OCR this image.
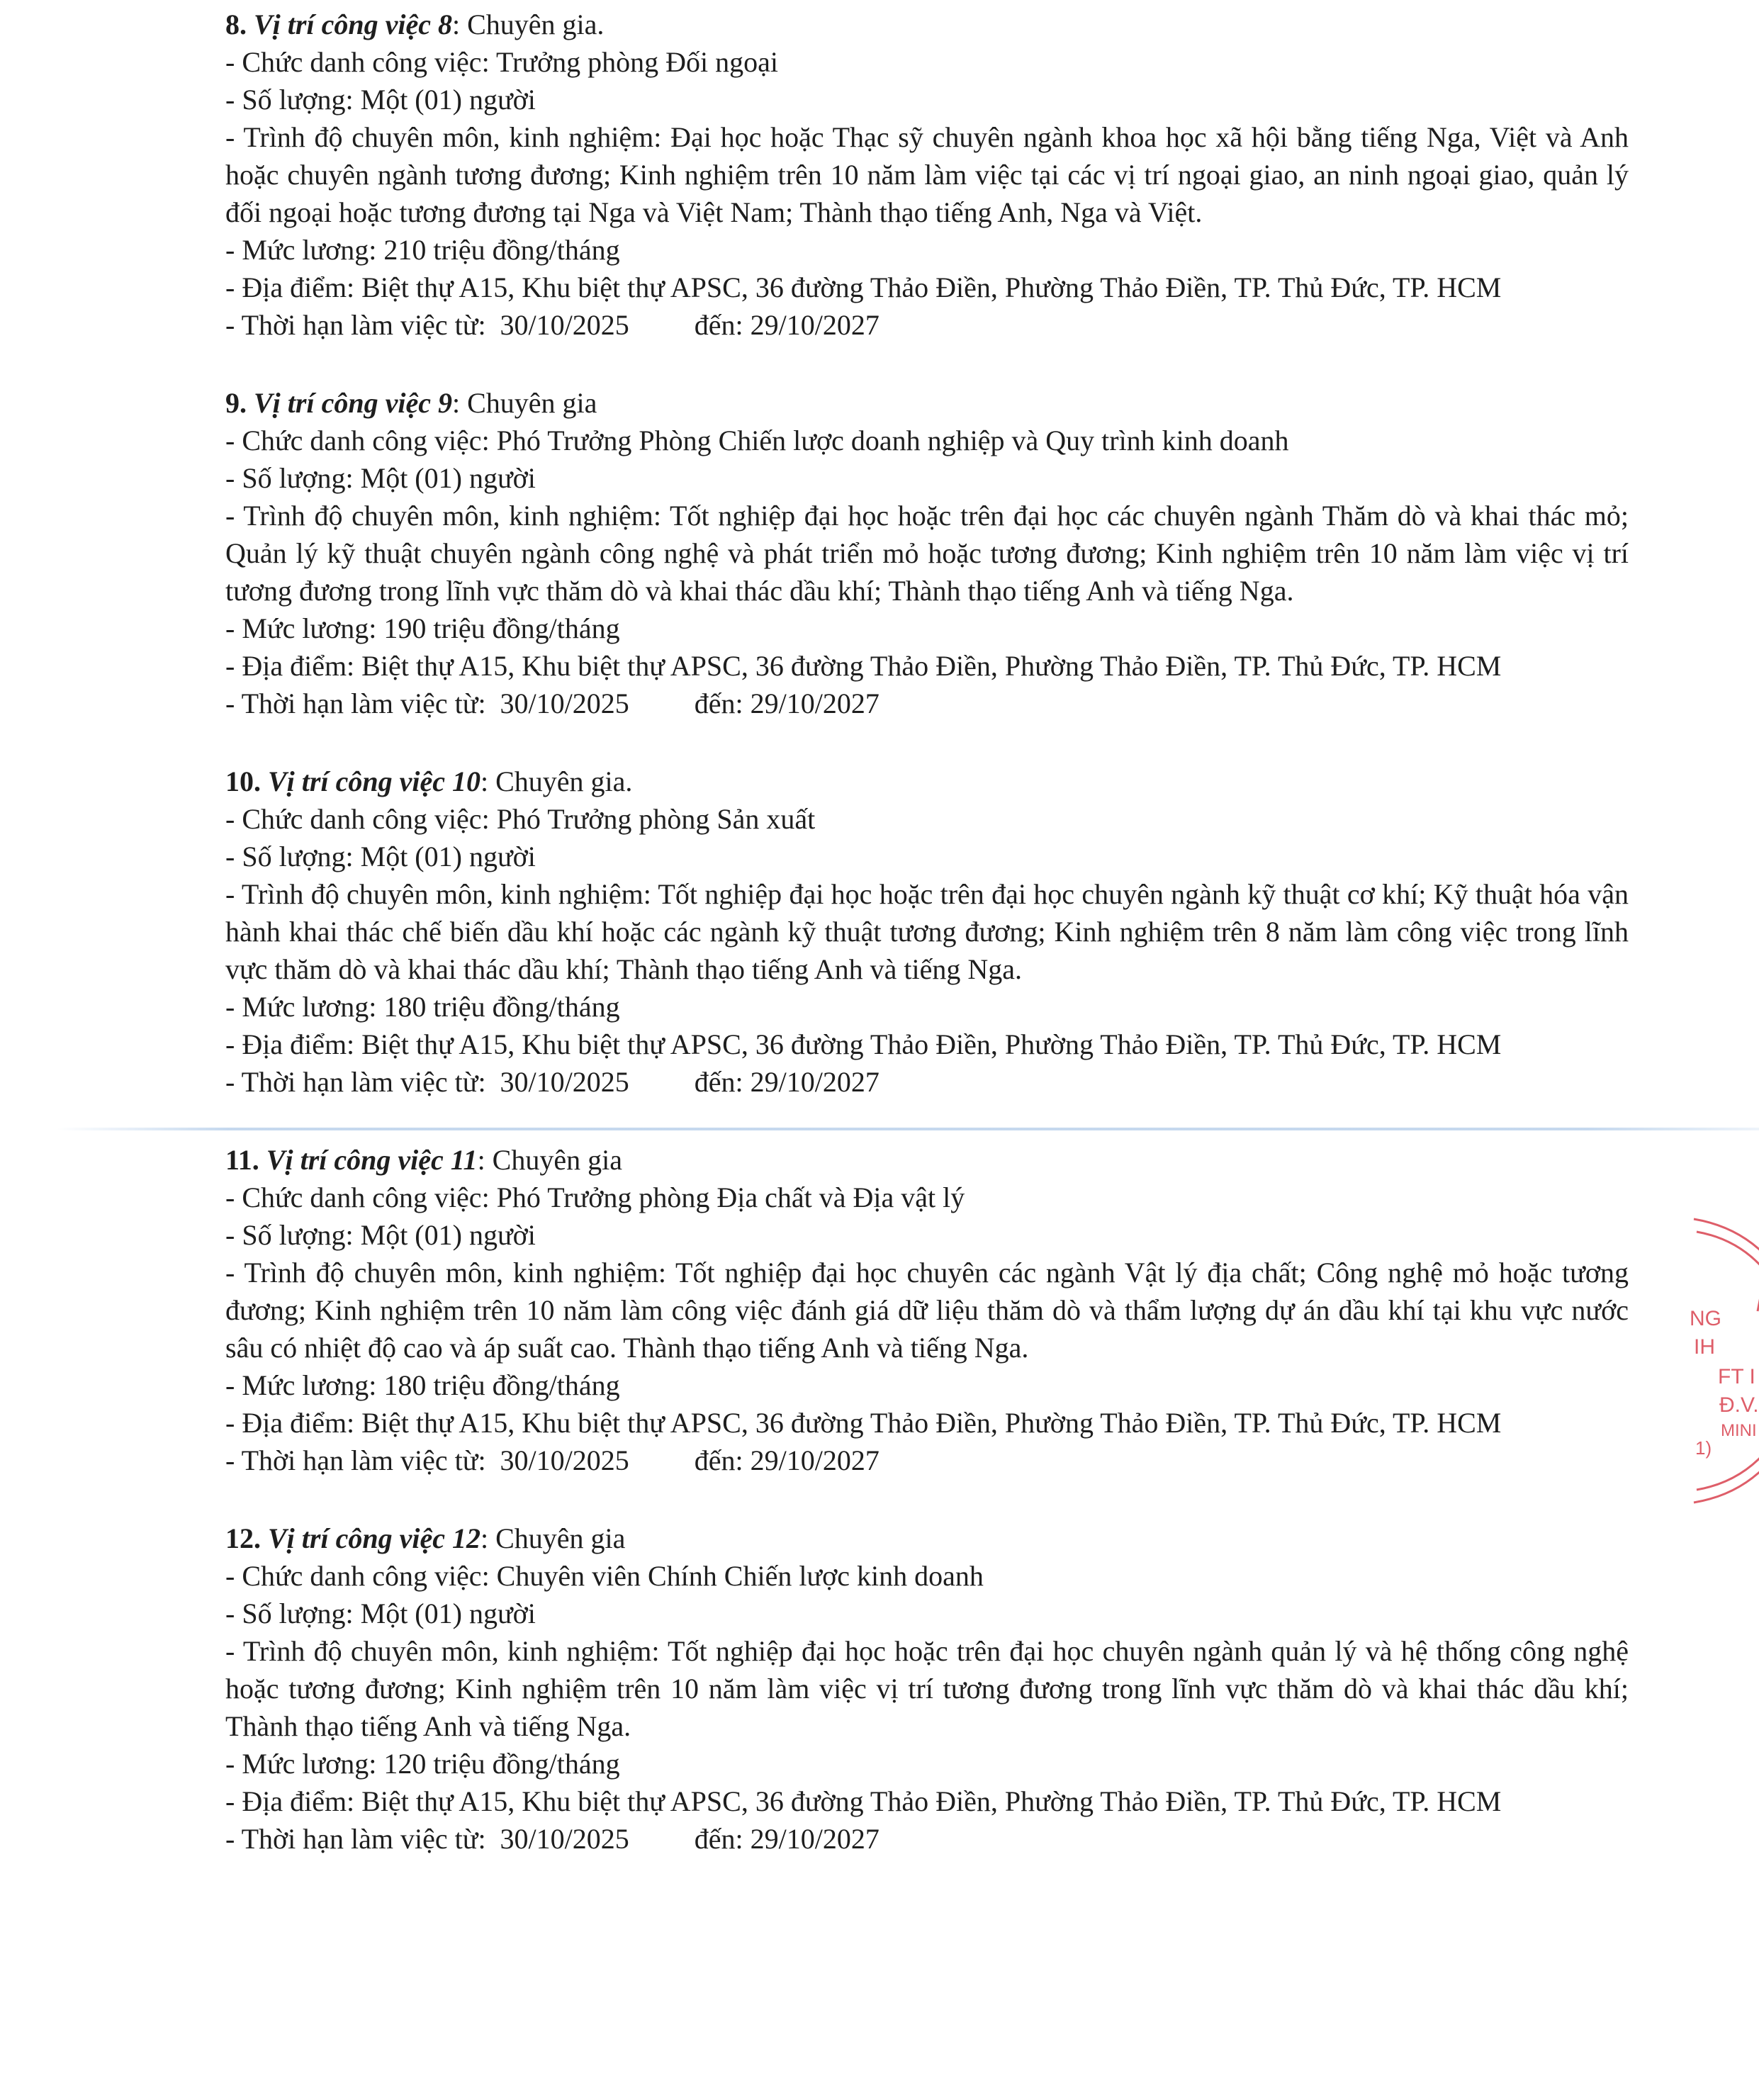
8. Vị trí công việc 8: Chuyên gia.
- Chức danh công việc: Trưởng phòng Đối ngoại
- Số lượng: Một (01) người
- Trình độ chuyên môn, kinh nghiệm: Đại học hoặc Thạc sỹ chuyên ngành khoa học xã hội bằng tiếng Nga, Việt và Anh hoặc chuyên ngành tương đương; Kinh nghiệm trên 10 năm làm việc tại các vị trí ngoại giao, an ninh ngoại giao, quản lý đối ngoại hoặc tương đương tại Nga và Việt Nam; Thành thạo tiếng Anh, Nga và Việt.
- Mức lương: 210 triệu đồng/tháng
- Địa điểm: Biệt thự A15, Khu biệt thự APSC, 36 đường Thảo Điền, Phường Thảo Điền, TP. Thủ Đức, TP. HCM
- Thời hạn làm việc từ:  30/10/2025 đến: 29/10/2027
9. Vị trí công việc 9: Chuyên gia
- Chức danh công việc: Phó Trưởng Phòng Chiến lược doanh nghiệp và Quy trình kinh doanh
- Số lượng: Một (01) người
- Trình độ chuyên môn, kinh nghiệm: Tốt nghiệp đại học hoặc trên đại học các chuyên ngành Thăm dò và khai thác mỏ; Quản lý kỹ thuật chuyên ngành công nghệ và phát triển mỏ hoặc tương đương; Kinh nghiệm trên 10 năm làm việc vị trí tương đương trong lĩnh vực thăm dò và khai thác dầu khí; Thành thạo tiếng Anh và tiếng Nga.
- Mức lương: 190 triệu đồng/tháng
- Địa điểm: Biệt thự A15, Khu biệt thự APSC, 36 đường Thảo Điền, Phường Thảo Điền, TP. Thủ Đức, TP. HCM
- Thời hạn làm việc từ:  30/10/2025 đến: 29/10/2027
10. Vị trí công việc 10: Chuyên gia.
- Chức danh công việc: Phó Trưởng phòng Sản xuất
- Số lượng: Một (01) người
- Trình độ chuyên môn, kinh nghiệm: Tốt nghiệp đại học hoặc trên đại học chuyên ngành kỹ thuật cơ khí; Kỹ thuật hóa vận hành khai thác chế biến dầu khí hoặc các ngành kỹ thuật tương đương; Kinh nghiệm trên 8 năm làm công việc trong lĩnh vực thăm dò và khai thác dầu khí; Thành thạo tiếng Anh và tiếng Nga.
- Mức lương: 180 triệu đồng/tháng
- Địa điểm: Biệt thự A15, Khu biệt thự APSC, 36 đường Thảo Điền, Phường Thảo Điền, TP. Thủ Đức, TP. HCM
- Thời hạn làm việc từ:  30/10/2025 đến: 29/10/2027
11. Vị trí công việc 11: Chuyên gia
- Chức danh công việc: Phó Trưởng phòng Địa chất và Địa vật lý
- Số lượng: Một (01) người
- Trình độ chuyên môn, kinh nghiệm: Tốt nghiệp đại học chuyên các ngành Vật lý địa chất; Công nghệ mỏ hoặc tương đương; Kinh nghiệm trên 10 năm làm công việc đánh giá dữ liệu thăm dò và thẩm lượng dự án dầu khí tại khu vực nước sâu có nhiệt độ cao và áp suất cao. Thành thạo tiếng Anh và tiếng Nga.
- Mức lương: 180 triệu đồng/tháng
- Địa điểm: Biệt thự A15, Khu biệt thự APSC, 36 đường Thảo Điền, Phường Thảo Điền, TP. Thủ Đức, TP. HCM
- Thời hạn làm việc từ:  30/10/2025 đến: 29/10/2027
12. Vị trí công việc 12: Chuyên gia
- Chức danh công việc: Chuyên viên Chính Chiến lược kinh doanh
- Số lượng: Một (01) người
- Trình độ chuyên môn, kinh nghiệm: Tốt nghiệp đại học hoặc trên đại học chuyên ngành quản lý và hệ thống công nghệ hoặc tương đương; Kinh nghiệm trên 10 năm làm việc vị trí tương đương trong lĩnh vực thăm dò và khai thác dầu khí; Thành thạo tiếng Anh và tiếng Nga.
- Mức lương: 120 triệu đồng/tháng
- Địa điểm: Biệt thự A15, Khu biệt thự APSC, 36 đường Thảo Điền, Phường Thảo Điền, TP. Thủ Đức, TP. HCM
- Thời hạn làm việc từ:  30/10/2025 đến: 29/10/2027
NG
IH
FT I
Đ.V.
MINI
1)
